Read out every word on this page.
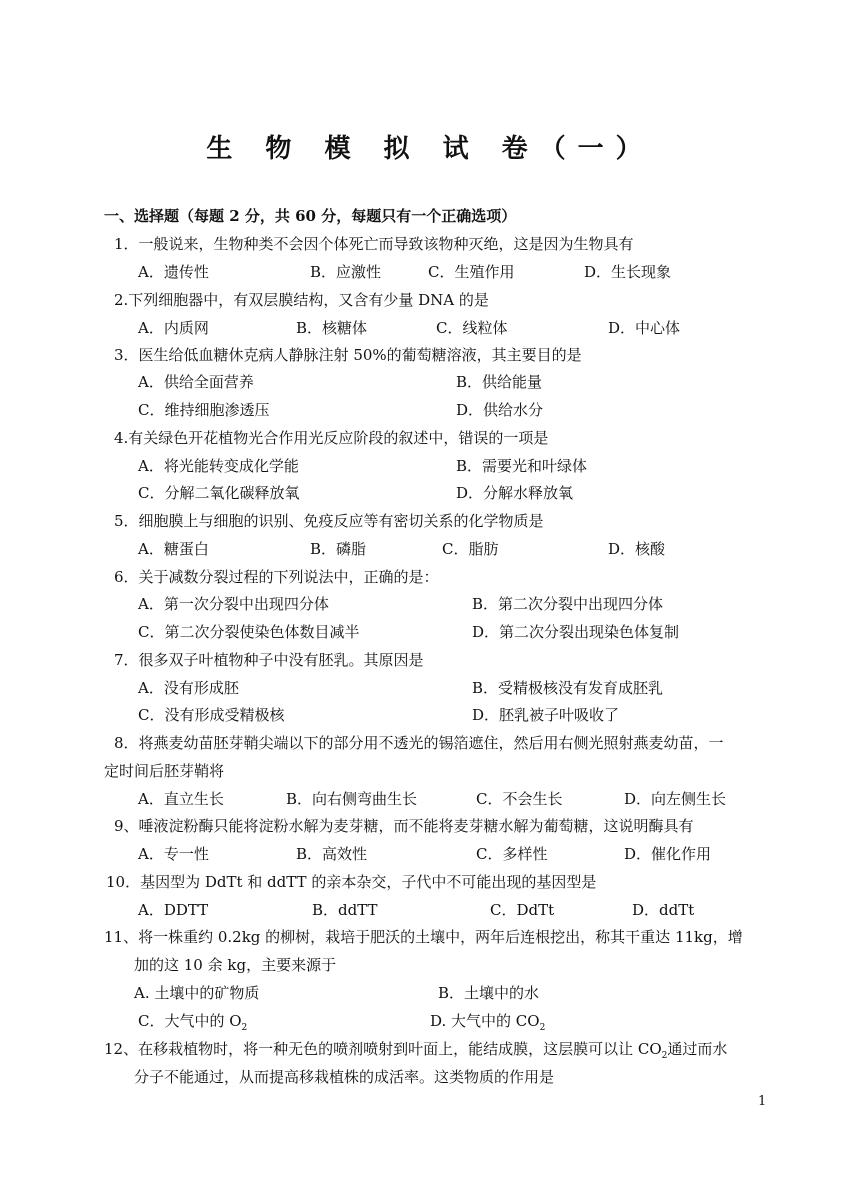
生 物 模 拟 试 卷（一）
一、选择题（每题 2 分，共 60 分，每题只有一个正确选项）
1．一般说来，生物种类不会因个体死亡而导致该物种灭绝，这是因为生物具有
A．遗传性	B．应激性	C．生殖作用	D．生长现象
2.下列细胞器中，有双层膜结构，又含有少量 DNA 的是
A．内质网	B．核糖体	C．线粒体	D．中心体
3．医生给低血糖休克病人静脉注射 50%的葡萄糖溶液，其主要目的是
A．供给全面营养	B．供给能量
C．维持细胞渗透压	D．供给水分
4.有关绿色开花植物光合作用光反应阶段的叙述中，错误的一项是
A．将光能转变成化学能	B．需要光和叶绿体
C．分解二氧化碳释放氧	D．分解水释放氧
5．细胞膜上与细胞的识别、免疫反应等有密切关系的化学物质是
A．糖蛋白	B．磷脂	C．脂肪	D．核酸
6．关于减数分裂过程的下列说法中，正确的是：
A．第一次分裂中出现四分体	B．第二次分裂中出现四分体
C．第二次分裂使染色体数目减半	D．第二次分裂出现染色体复制
7．很多双子叶植物种子中没有胚乳。其原因是
A．没有形成胚	B．受精极核没有发育成胚乳
C．没有形成受精极核	D．胚乳被子叶吸收了
8．将燕麦幼苗胚芽鞘尖端以下的部分用不透光的锡箔遮住，然后用右侧光照射燕麦幼苗，一
定时间后胚芽鞘将
A．直立生长	B．向右侧弯曲生长	C．不会生长	D．向左侧生长
9、唾液淀粉酶只能将淀粉水解为麦芽糖，而不能将麦芽糖水解为葡萄糖，这说明酶具有
A．专一性	B．高效性	C．多样性	D．催化作用
10．基因型为 DdTt 和 ddTT 的亲本杂交，子代中不可能出现的基因型是
A．DDTT	B．ddTT	C．DdTt	D．ddTt
11、将一株重约 0.2kg 的柳树，栽培于肥沃的土壤中，两年后连根挖出，称其干重达 11kg，增
加的这 10 余 kg，主要来源于
A. 土壤中的矿物质	B．土壤中的水
C．大气中的 $O_2$	D. 大气中的 $CO_2$
12、在移栽植物时，将一种无色的喷剂喷射到叶面上，能结成膜，这层膜可以让 $CO_2$通过而水
分子不能通过，从而提高移栽植株的成活率。这类物质的作用是
1
